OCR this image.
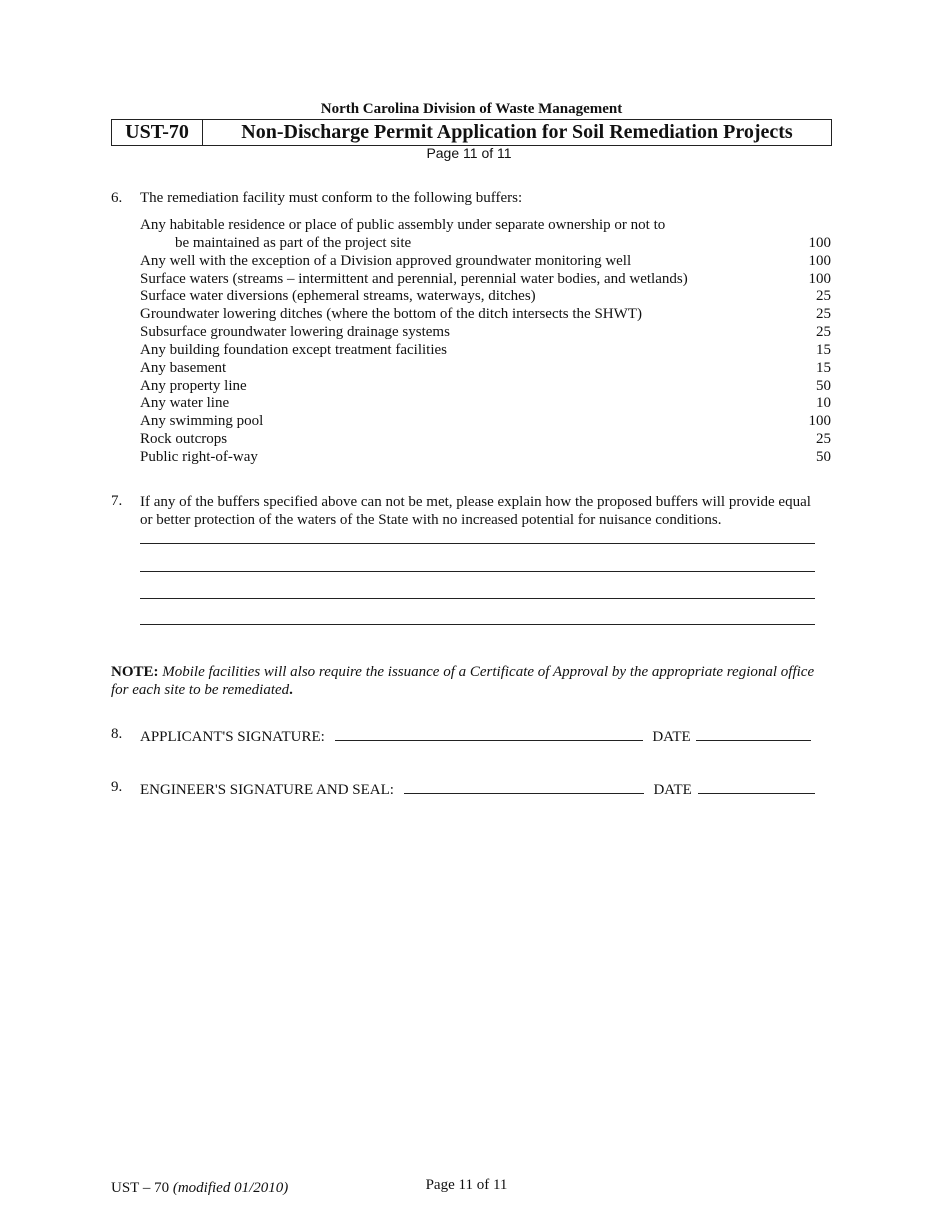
North Carolina Division of Waste Management
UST-70	Non-Discharge Permit Application for Soil Remediation Projects
Page 11 of 11
6. The remediation facility must conform to the following buffers:
Any habitable residence or place of public assembly under separate ownership or not to
be maintained as part of the project site	100
Any well with the exception of a Division approved groundwater monitoring well	100
Surface waters (streams – intermittent and perennial, perennial water bodies, and wetlands)	100
Surface water diversions (ephemeral streams, waterways, ditches)	25
Groundwater lowering ditches (where the bottom of the ditch intersects the SHWT)	25
Subsurface groundwater lowering drainage systems	25
Any building foundation except treatment facilities	15
Any basement	15
Any property line	50
Any water line	10
Any swimming pool	100
Rock outcrops	25
Public right-of-way	50
7. If any of the buffers specified above can not be met, please explain how the proposed buffers will provide equal or better protection of the waters of the State with no increased potential for nuisance conditions.
NOTE: Mobile facilities will also require the issuance of a Certificate of Approval by the appropriate regional office for each site to be remediated.
8. APPLICANT'S SIGNATURE:	DATE
9. ENGINEER'S SIGNATURE AND SEAL:	DATE
UST – 70 (modified 01/2010)	Page 11 of 11
